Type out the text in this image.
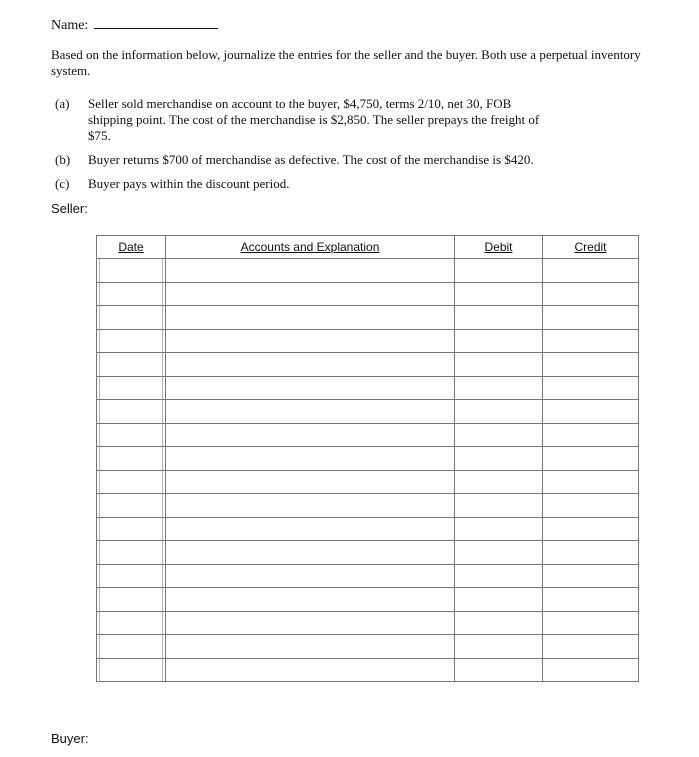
Name:
Based on the information below, journalize the entries for the seller and the buyer. Both use a perpetual inventory system.
(a)	Seller sold merchandise on account to the buyer, $4,750, terms 2/10, net 30, FOB shipping point. The cost of the merchandise is $2,850. The seller prepays the freight of $75.
(b)	Buyer returns $700 of merchandise as defective. The cost of the merchandise is $420.
(c)	Buyer pays within the discount period.
Seller:
Date	Accounts and Explanation	Debit	Credit

Buyer:
